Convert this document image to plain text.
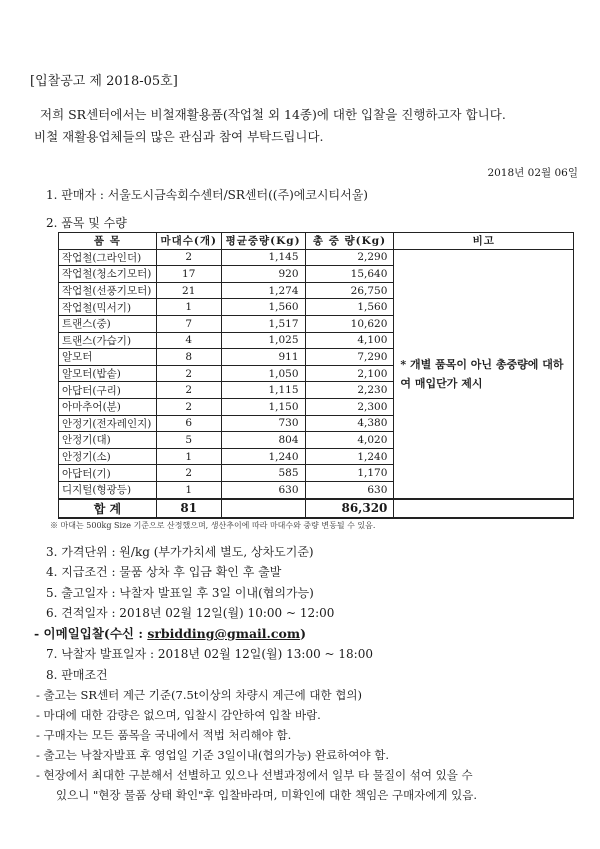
[입찰공고 제 2018-05호]

저희 SR센터에서는 비철재활용품(작업철 외 14종)에 대한 입찰을 진행하고자 합니다.

비철 재활용업체들의 많은 관심과 참여 부탁드립니다.

2018년 02월 06일
1. 판매자 : 서울도시금속회수센터/SR센터((주)에코시티서울)
2. 품목 및 수량
품 목	마대수(개)	평균중량(Kg)	총 중 량(Kg)	비고
작업철(그라인더)	2	1,145	2,290	* 개별 품목이 아닌 총중량에 대하여 매입단가 제시
작업철(청소기모터)	17	920	15,640	
작업철(선풍기모터)	21	1,274	26,750	
작업철(믹서기)	1	1,560	1,560	
트랜스(중)	7	1,517	10,620	
트랜스(가습기)	4	1,025	4,100	
알모터	8	911	7,290	
알모터(밥솥)	2	1,050	2,100	
아답터(구리)	2	1,115	2,230	
아마추어(분)	2	1,150	2,300	
안정기(전자레인지)	6	730	4,380	
안정기(대)	5	804	4,020	
안정기(소)	1	1,240	1,240	
아답터(기)	2	585	1,170	
디지털(형광등)	1	630	630	
합 계	81		86,320	
※ 마대는 500kg Size 기준으로 산정했으며, 생산추이에 따라 마대수와 중량 변동될 수 있음.
3. 가격단위 : 원/kg (부가가치세 별도, 상차도기준)
4. 지급조건 : 물품 상차 후 입금 확인 후 출발
5. 출고일자 : 낙찰자 발표일 후 3일 이내(협의가능)
6. 견적일자 : 2018년 02월 12일(월) 10:00 ~ 12:00
- 이메일입찰(수신 : srbidding@gmail.com)
7. 낙찰자 발표일자 : 2018년 02월 12일(월) 13:00 ~ 18:00
8. 판매조건
- 출고는 SR센터 계근 기준(7.5t이상의 차량시 계근에 대한 협의)
- 마대에 대한 감량은 없으며, 입찰시 감안하여 입찰 바람.
- 구매자는 모든 품목을 국내에서 적법 처리해야 함.
- 출고는 낙찰자발표 후 영업일 기준 3일이내(협의가능) 완료하여야 함.
- 현장에서 최대한 구분해서 선별하고 있으나 선별과정에서 일부 타 물질이 섞여 있을 수
있으니 "현장 물품 상태 확인"후 입찰바라며, 미확인에 대한 책임은 구매자에게 있음.
